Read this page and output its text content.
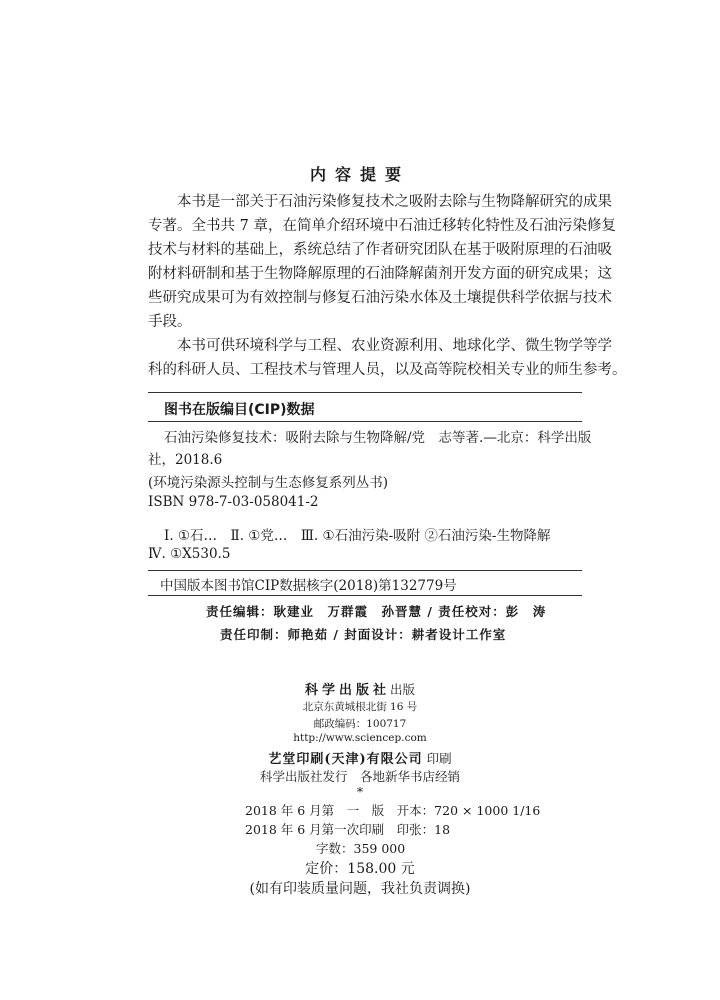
内容提要

本书是一部关于石油污染修复技术之吸附去除与生物降解研究的成果

专著。全书共 7 章，在简单介绍环境中石油迁移转化特性及石油污染修复
技术与材料的基础上，系统总结了作者研究团队在基于吸附原理的石油吸
附材料研制和基于生物降解原理的石油降解菌剂开发方面的研究成果；这
些研究成果可为有效控制与修复石油污染水体及土壤提供科学依据与技术
手段。

本书可供环境科学与工程、农业资源利用、地球化学、微生物学等学

科的科研人员、工程技术与管理人员，以及高等院校相关专业的师生参考。
图书在版编目(CIP)数据
石油污染修复技术：吸附去除与生物降解/党　志等著.—北京：科学出版
社，2018.6
(环境污染源头控制与生态修复系列丛书)
ISBN 978-7-03-058041-2
Ⅰ. ①石…　Ⅱ. ①党…　Ⅲ. ①石油污染-吸附 ②石油污染-生物降解
Ⅳ. ①X530.5
中国版本图书馆CIP数据核字(2018)第132779号
责任编辑：耿建业　万群霞　孙晋慧 / 责任校对：彭　涛
责任印制：师艳茹 / 封面设计：耕者设计工作室
科学出版社出版
北京东黄城根北街 16 号
邮政编码：100717
http://www.sciencep.com
艺堂印刷(天津)有限公司 印刷
科学出版社发行　各地新华书店经销
*
2018 年 6 月第　一　版　开本：720 × 1000 1/16
2018 年 6 月第一次印刷　印张：18
字数：359 000
定价：158.00 元
(如有印装质量问题，我社负责调换)
